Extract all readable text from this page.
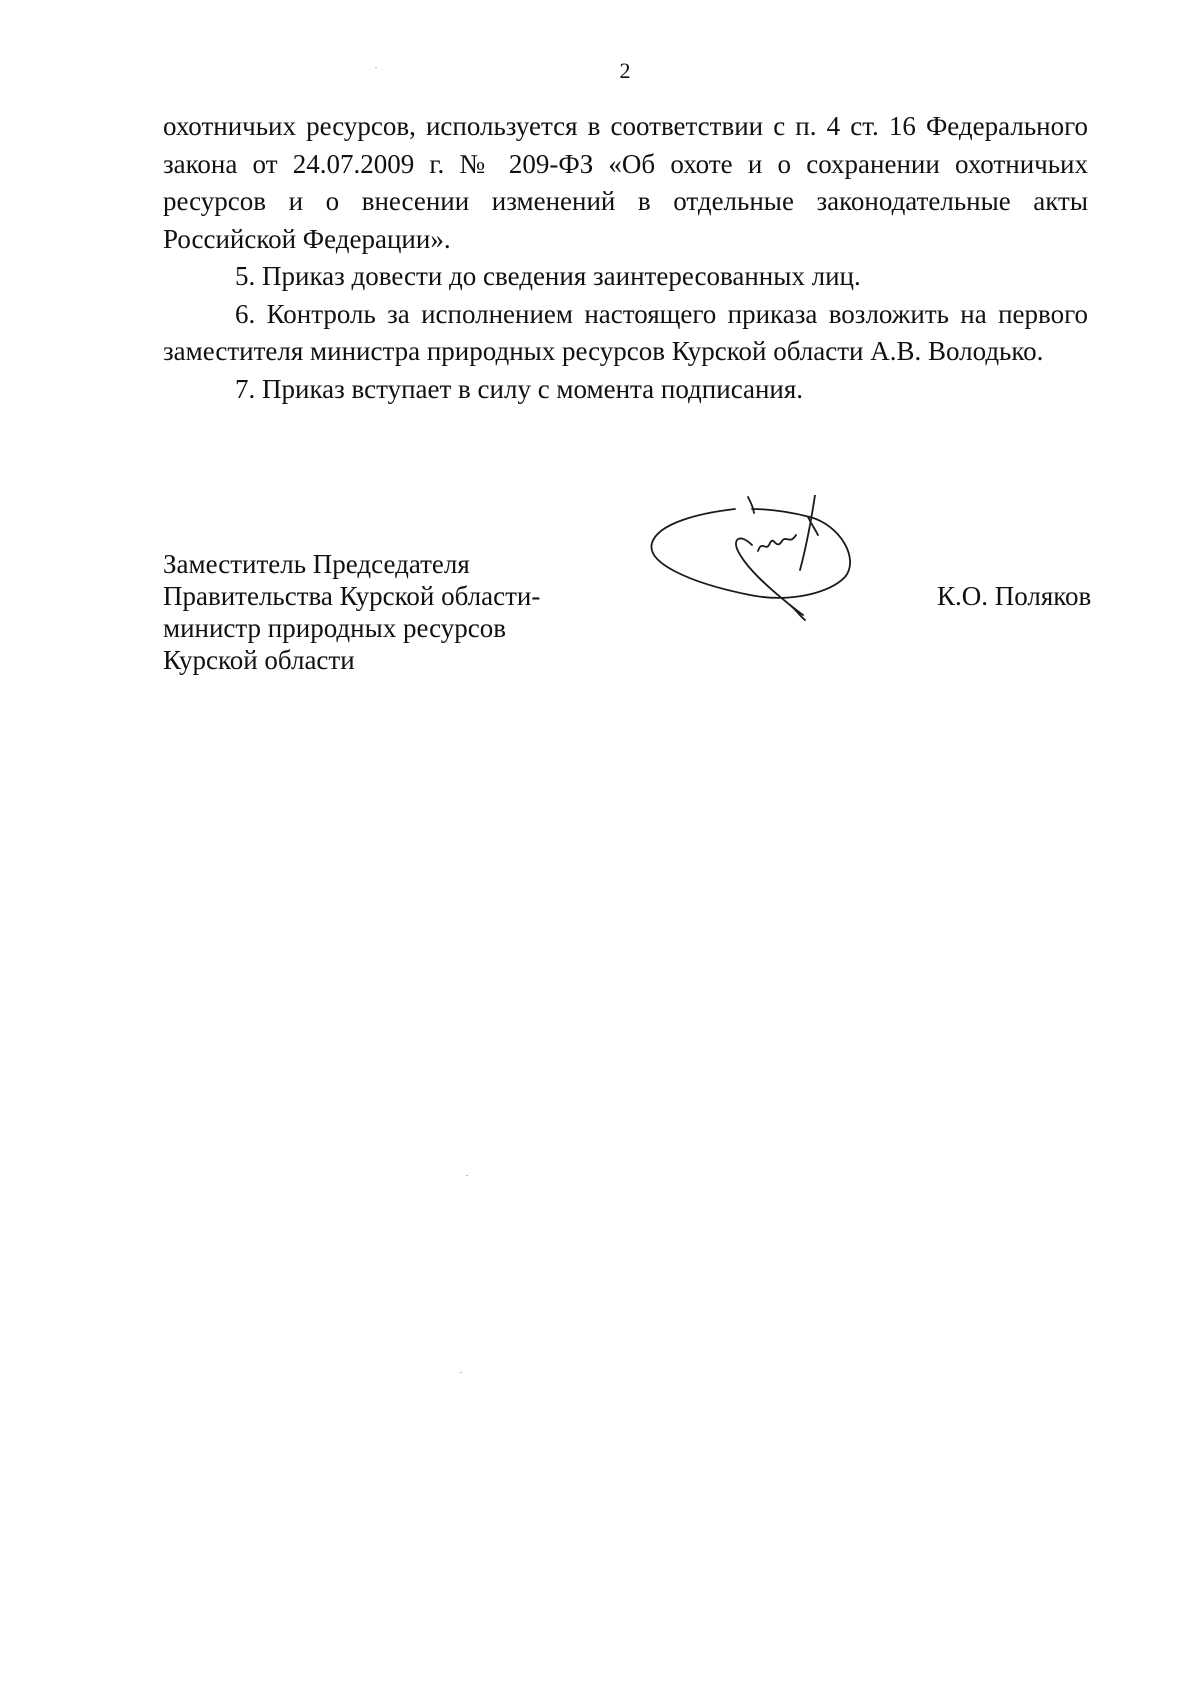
2

охотничьих ресурсов, используется в соответствии с п. 4 ст. 16 Федерального закона от 24.07.2009 г. № 209-ФЗ «Об охоте и о сохранении охотничьих ресурсов и о внесении изменений в отдельные законодательные акты Российской Федерации».

5. Приказ довести до сведения заинтересованных лиц.

6. Контроль за исполнением настоящего приказа возложить на первого заместителя министра природных ресурсов Курской области А.В. Володько.

7. Приказ вступает в силу с момента подписания.

Заместитель Председателя
Правительства Курской области-
министр природных ресурсов
Курской области
К.О. Поляков
